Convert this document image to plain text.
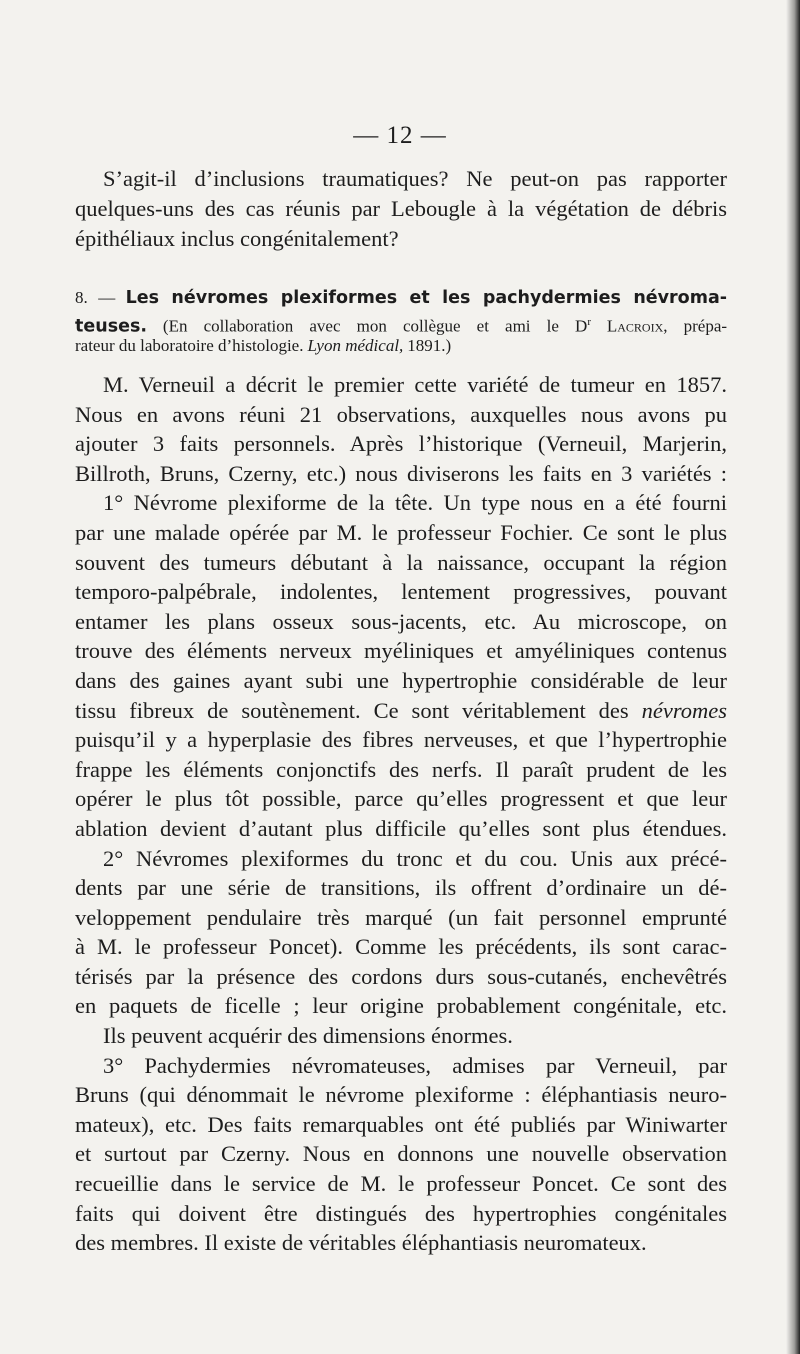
— 12 —
S’agit-il d’inclusions traumatiques? Ne peut-on pas rapporter
quelques-uns des cas réunis par Lebougle à la végétation de débris
épithéliaux inclus congénitalement?
8. — Les névromes plexiformes et les pachydermies névroma-
teuses. (En collaboration avec mon collègue et ami le $D^r$ Lacroix, prépa-
rateur du laboratoire d’histologie. Lyon médical, 1891.)
M. Verneuil a décrit le premier cette variété de tumeur en 1857.
Nous en avons réuni 21 observations, auxquelles nous avons pu
ajouter 3 faits personnels. Après l’historique (Verneuil, Marjerin,
Billroth, Bruns, Czerny, etc.) nous diviserons les faits en 3 variétés :
1° Névrome plexiforme de la tête. Un type nous en a été fourni
par une malade opérée par M. le professeur Fochier. Ce sont le plus
souvent des tumeurs débutant à la naissance, occupant la région
temporo-palpébrale, indolentes, lentement progressives, pouvant
entamer les plans osseux sous-jacents, etc. Au microscope, on
trouve des éléments nerveux myéliniques et amyéliniques contenus
dans des gaines ayant subi une hypertrophie considérable de leur
tissu fibreux de soutènement. Ce sont véritablement des névromes
puisqu’il y a hyperplasie des fibres nerveuses, et que l’hypertrophie
frappe les éléments conjonctifs des nerfs. Il paraît prudent de les
opérer le plus tôt possible, parce qu’elles progressent et que leur
ablation devient d’autant plus difficile qu’elles sont plus étendues.
2° Névromes plexiformes du tronc et du cou. Unis aux précé-
dents par une série de transitions, ils offrent d’ordinaire un dé-
veloppement pendulaire très marqué (un fait personnel emprunté
à M. le professeur Poncet). Comme les précédents, ils sont carac-
térisés par la présence des cordons durs sous-cutanés, enchevêtrés
en paquets de ficelle ; leur origine probablement congénitale, etc.
Ils peuvent acquérir des dimensions énormes.
3° Pachydermies névromateuses, admises par Verneuil, par
Bruns (qui dénommait le névrome plexiforme : éléphantiasis neuro-
mateux), etc. Des faits remarquables ont été publiés par Winiwarter
et surtout par Czerny. Nous en donnons une nouvelle observation
recueillie dans le service de M. le professeur Poncet. Ce sont des
faits qui doivent être distingués des hypertrophies congénitales
des membres. Il existe de véritables éléphantiasis neuromateux.
